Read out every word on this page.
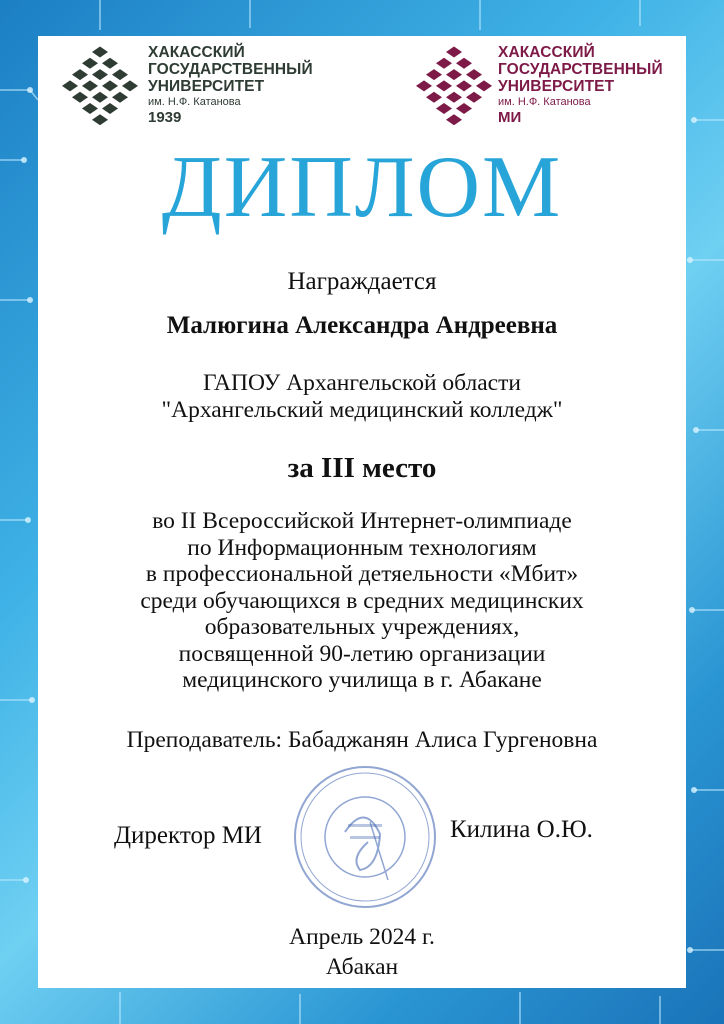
ХАКАССКИЙ
ГОСУДАРСТВЕННЫЙ
УНИВЕРСИТЕТ
им. Н.Ф. Катанова
1939
ХАКАССКИЙ
ГОСУДАРСТВЕННЫЙ
УНИВЕРСИТЕТ
им. Н.Ф. Катанова
МИ
ДИПЛОМ
Награждается
Малюгина Александра Андреевна
ГАПОУ Архангельской области
"Архангельский медицинский колледж"
за III место
во II Всероссийской Интернет-олимпиаде
по Информационным технологиям
в профессиональной детяельности «Мбит»
среди обучающихся в средних медицинских
образовательных учреждениях,
посвященной 90-летию организации
медицинского училища в г. Абакане
Преподаватель: Бабаджанян Алиса Гургеновна
Директор МИ	Килина О.Ю.
Апрель 2024 г.
Абакан
